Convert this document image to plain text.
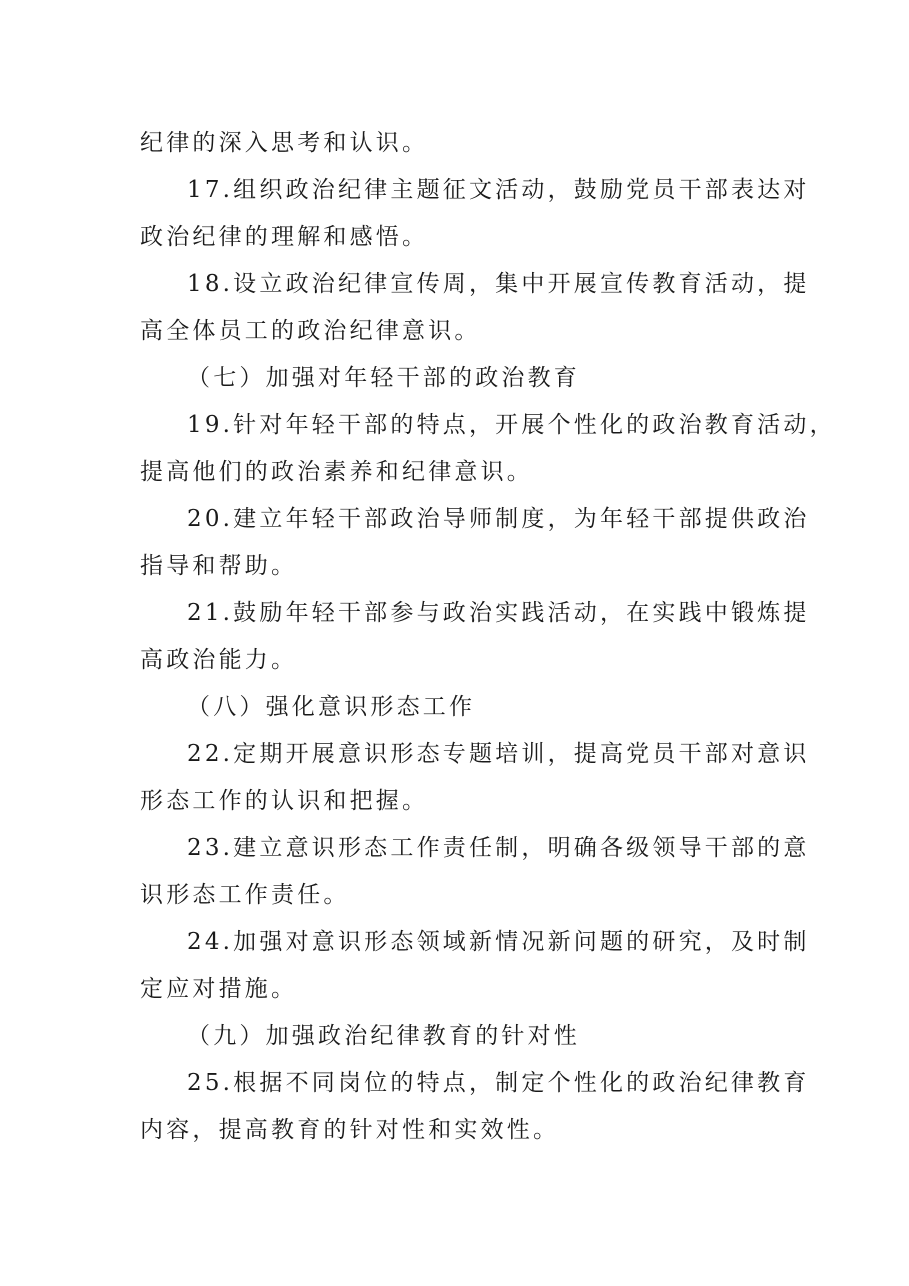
纪律的深入思考和认识。
17.组织政治纪律主题征文活动，鼓励党员干部表达对
政治纪律的理解和感悟。
18.设立政治纪律宣传周，集中开展宣传教育活动，提
高全体员工的政治纪律意识。
（七）加强对年轻干部的政治教育
19.针对年轻干部的特点，开展个性化的政治教育活动，
提高他们的政治素养和纪律意识。
20.建立年轻干部政治导师制度，为年轻干部提供政治
指导和帮助。
21.鼓励年轻干部参与政治实践活动，在实践中锻炼提
高政治能力。
（八）强化意识形态工作
22.定期开展意识形态专题培训，提高党员干部对意识
形态工作的认识和把握。
23.建立意识形态工作责任制，明确各级领导干部的意
识形态工作责任。
24.加强对意识形态领域新情况新问题的研究，及时制
定应对措施。
（九）加强政治纪律教育的针对性
25.根据不同岗位的特点，制定个性化的政治纪律教育
内容，提高教育的针对性和实效性。
